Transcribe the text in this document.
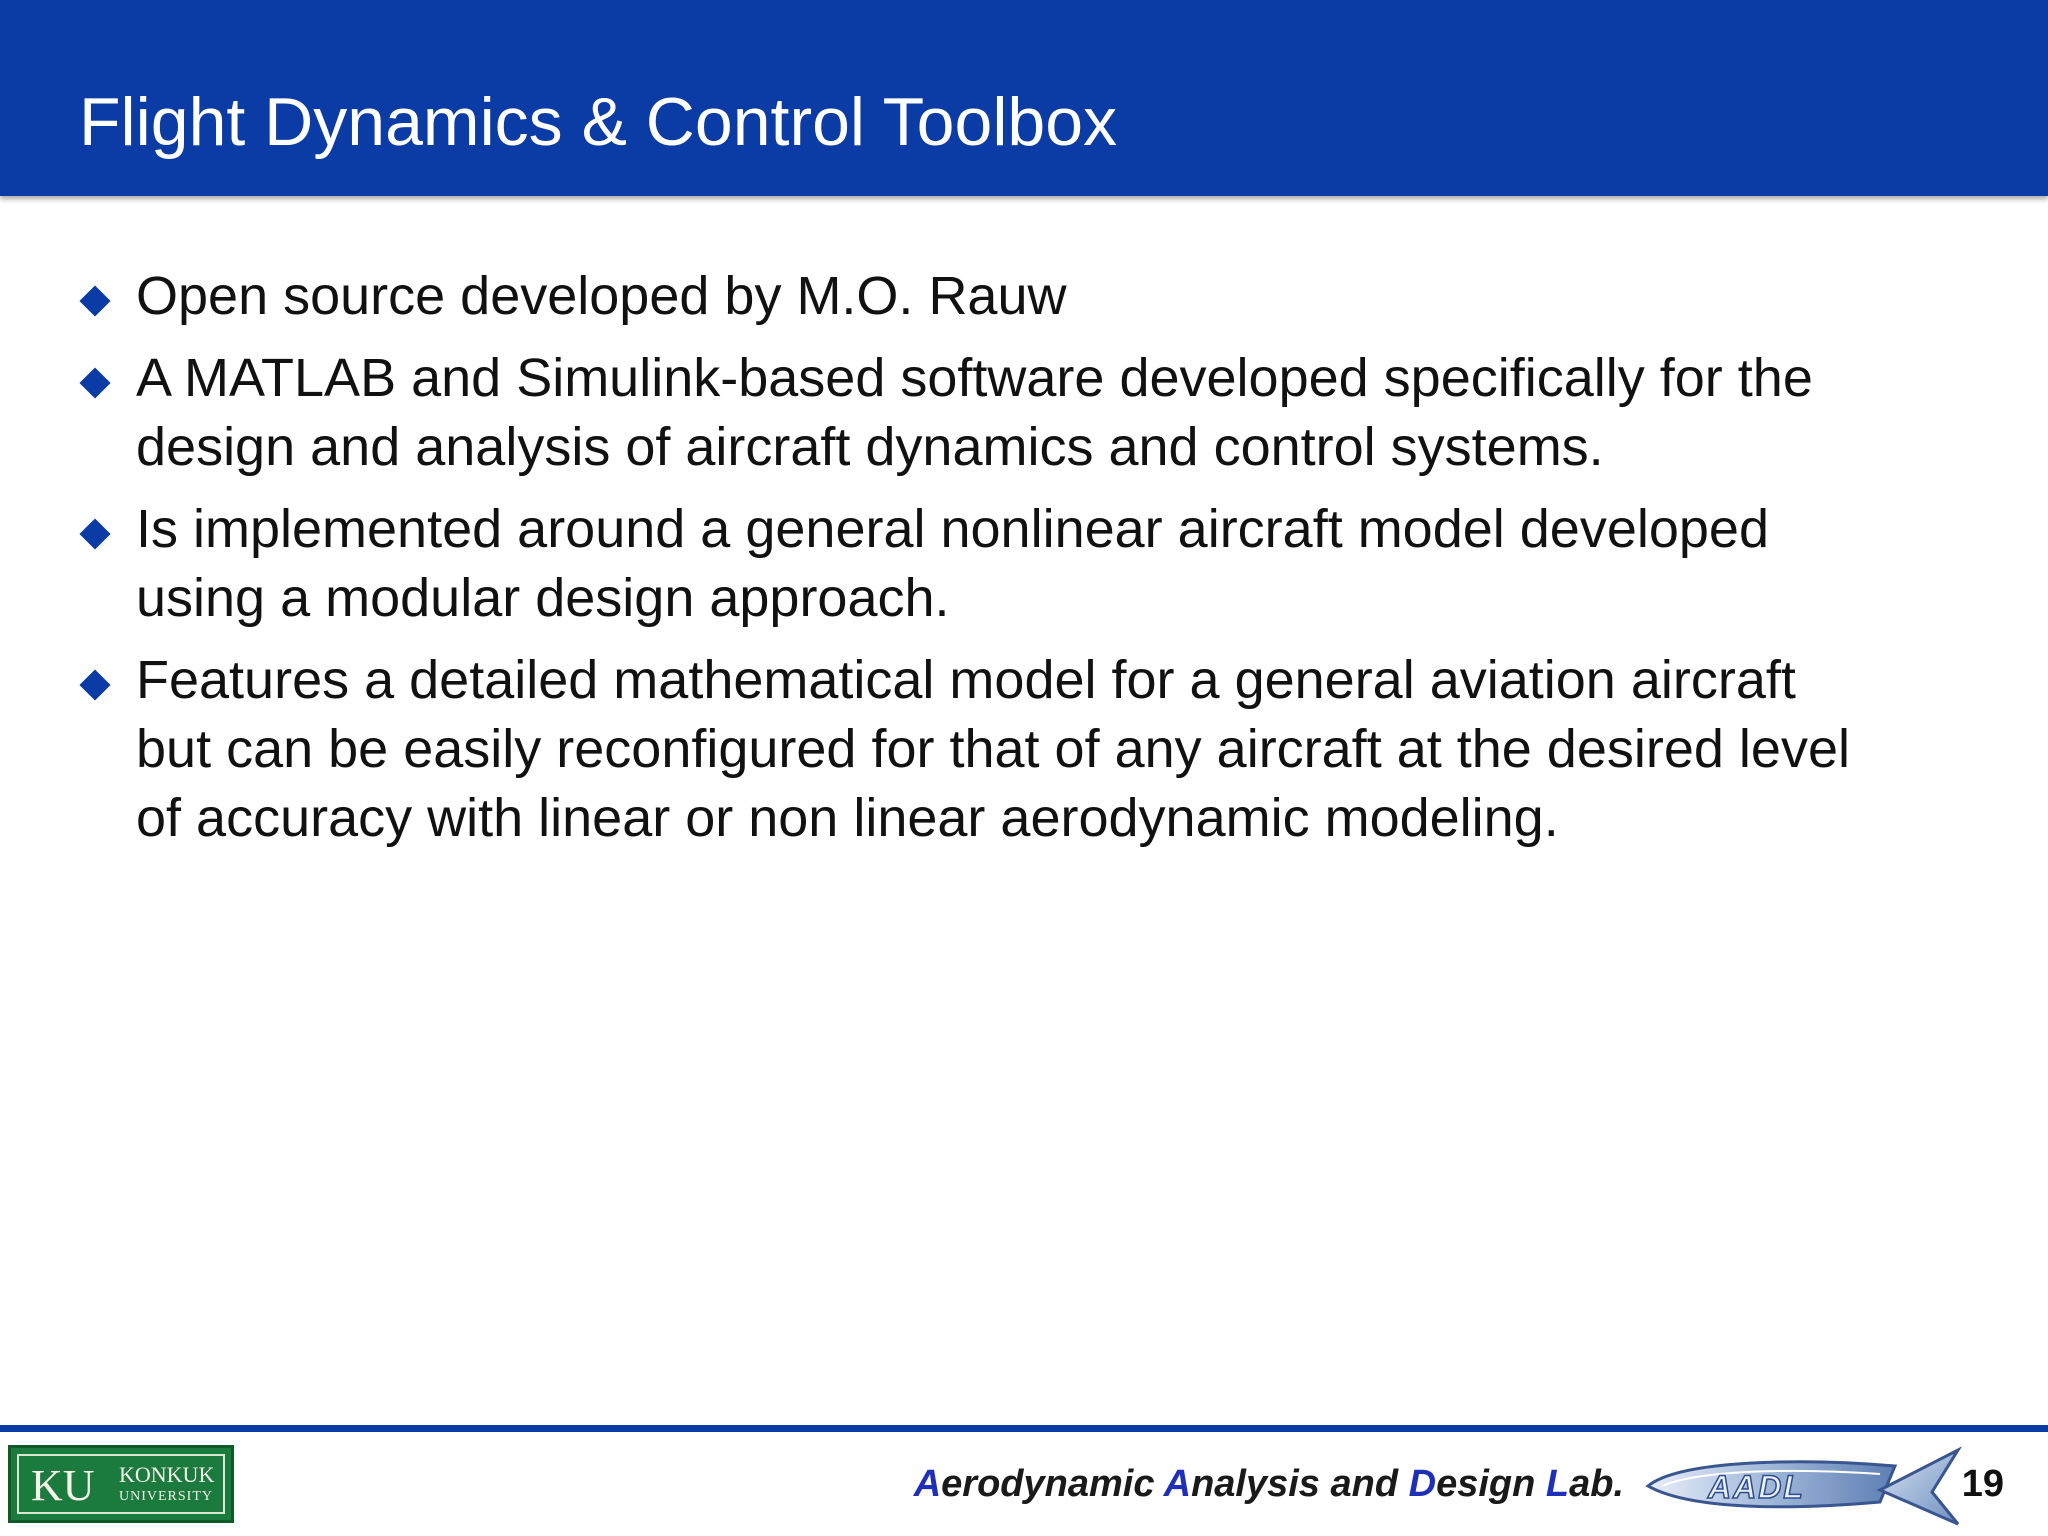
Flight Dynamics & Control Toolbox
Open source developed by M.O. Rauw
A MATLAB and Simulink-based software developed specifically for the
design and analysis of aircraft dynamics and control systems.
Is implemented around a general nonlinear aircraft model developed
using a modular design approach.
Features a detailed mathematical model for a general aviation aircraft
but can be easily reconfigured for that of any aircraft at the desired level
of accuracy with linear or non linear aerodynamic modeling.
KU KONKUK
UNIVERSITY	Aerodynamic Analysis and Design Lab.	AADL	19
